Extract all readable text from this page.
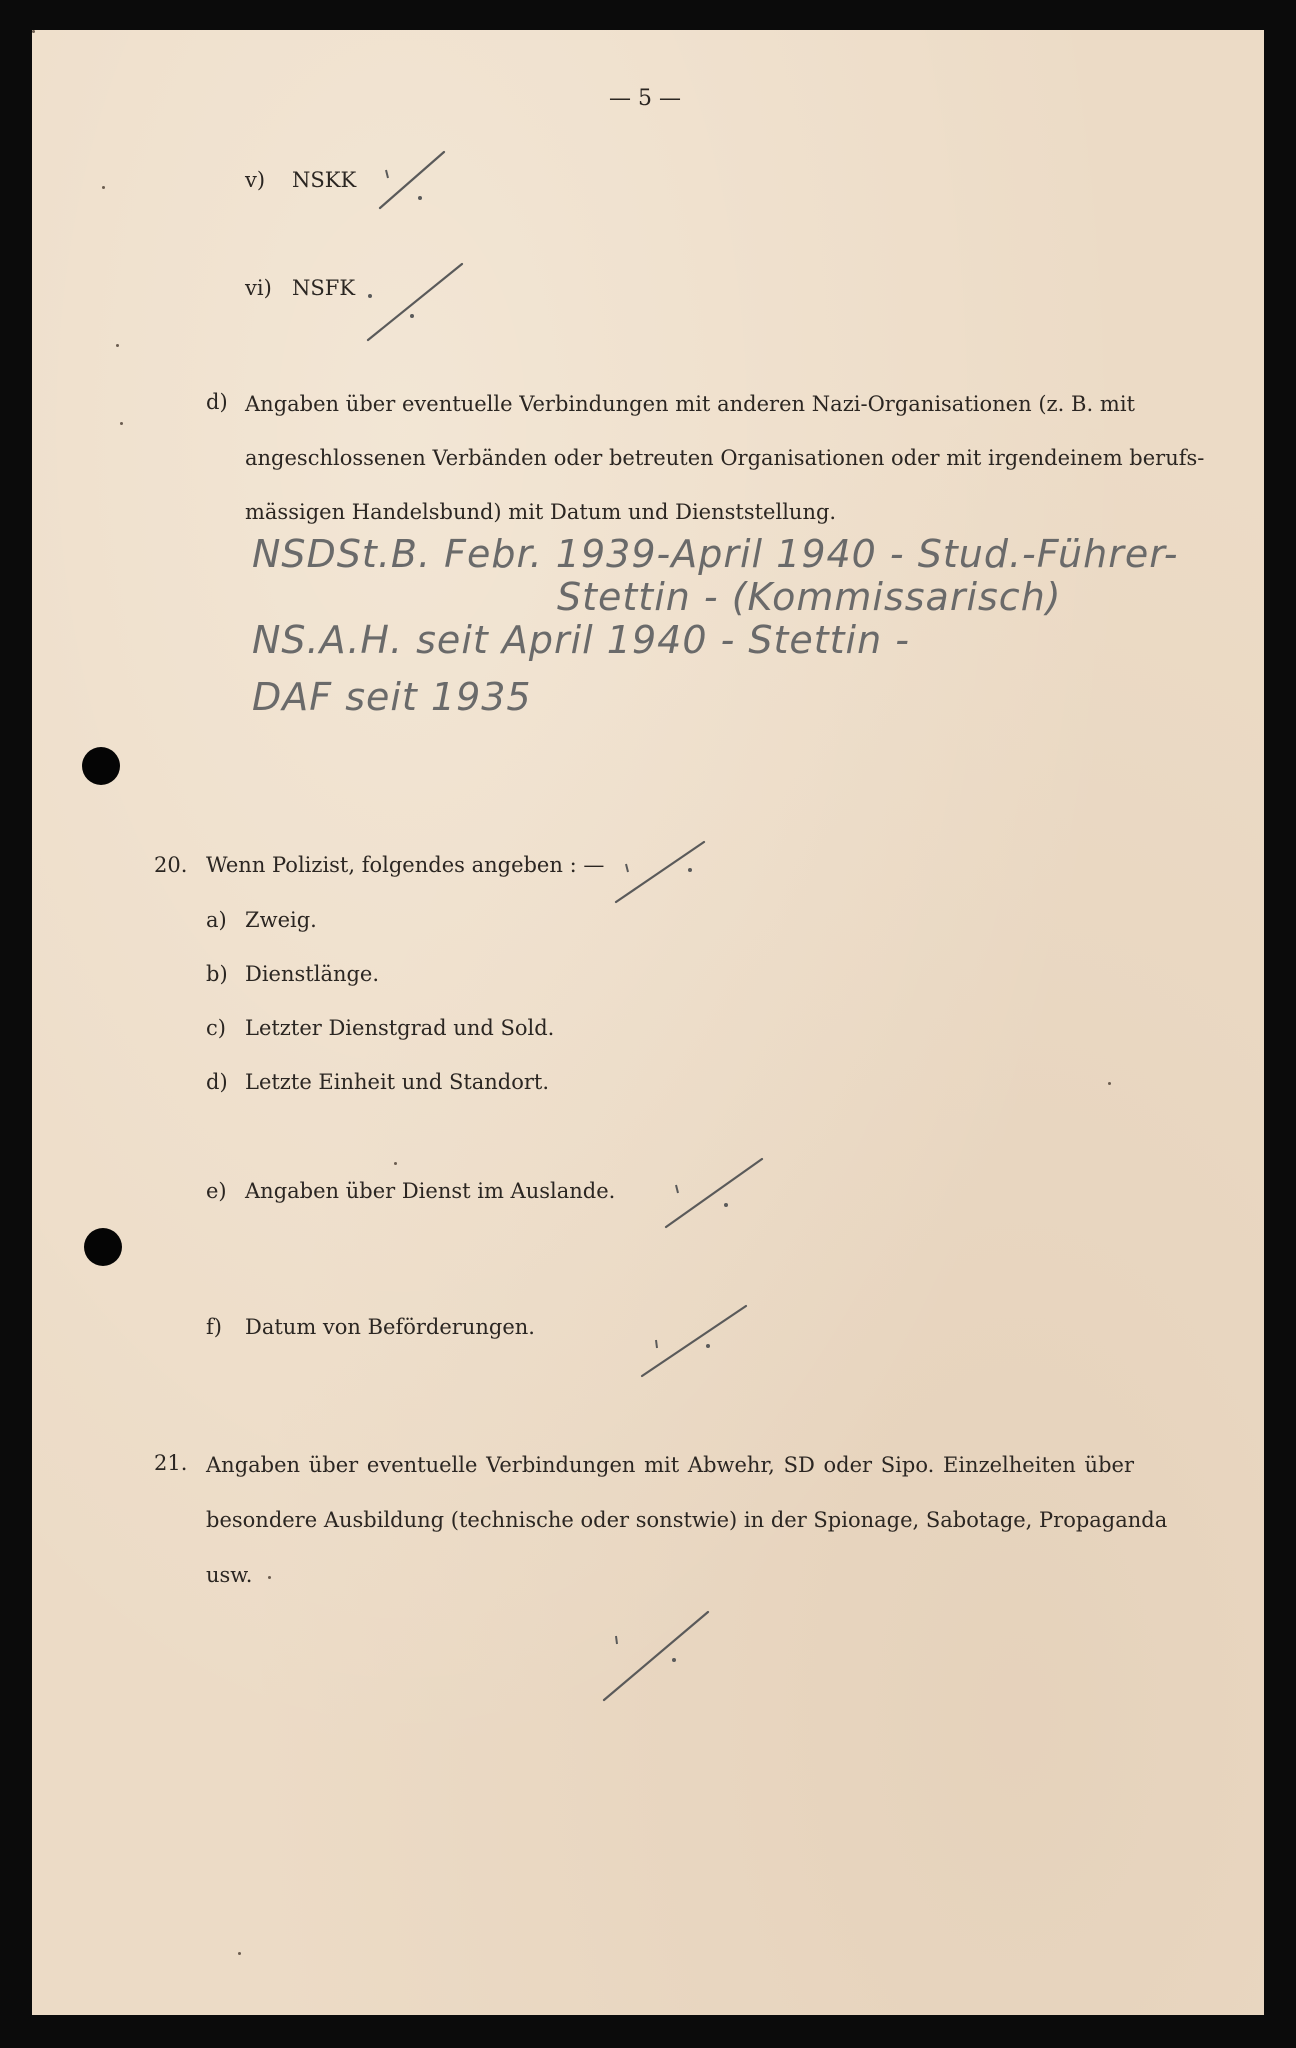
— 5 —
v) NSKK
vi) NSFK
d) Angaben über eventuelle Verbindungen mit anderen Nazi-Organisationen (z. B. mit
angeschlossenen Verbänden oder betreuten Organisationen oder mit irgendeinem berufs-
mässigen Handelsbund) mit Datum und Dienststellung.
NSDSt.B. Febr. 1939-April 1940 - Stud.-Führer-
Stettin - (Kommissarisch)
NS.A.H. seit April 1940 - Stettin -
DAF seit 1935
20. Wenn Polizist, folgendes angeben : —
a) Zweig.
b) Dienstlänge.
c) Letzter Dienstgrad und Sold.
d) Letzte Einheit und Standort.
e) Angaben über Dienst im Auslande.
f) Datum von Beförderungen.
21. Angaben über eventuelle Verbindungen mit Abwehr, SD oder Sipo. Einzelheiten über
besondere Ausbildung (technische oder sonstwie) in der Spionage, Sabotage, Propaganda
usw.
